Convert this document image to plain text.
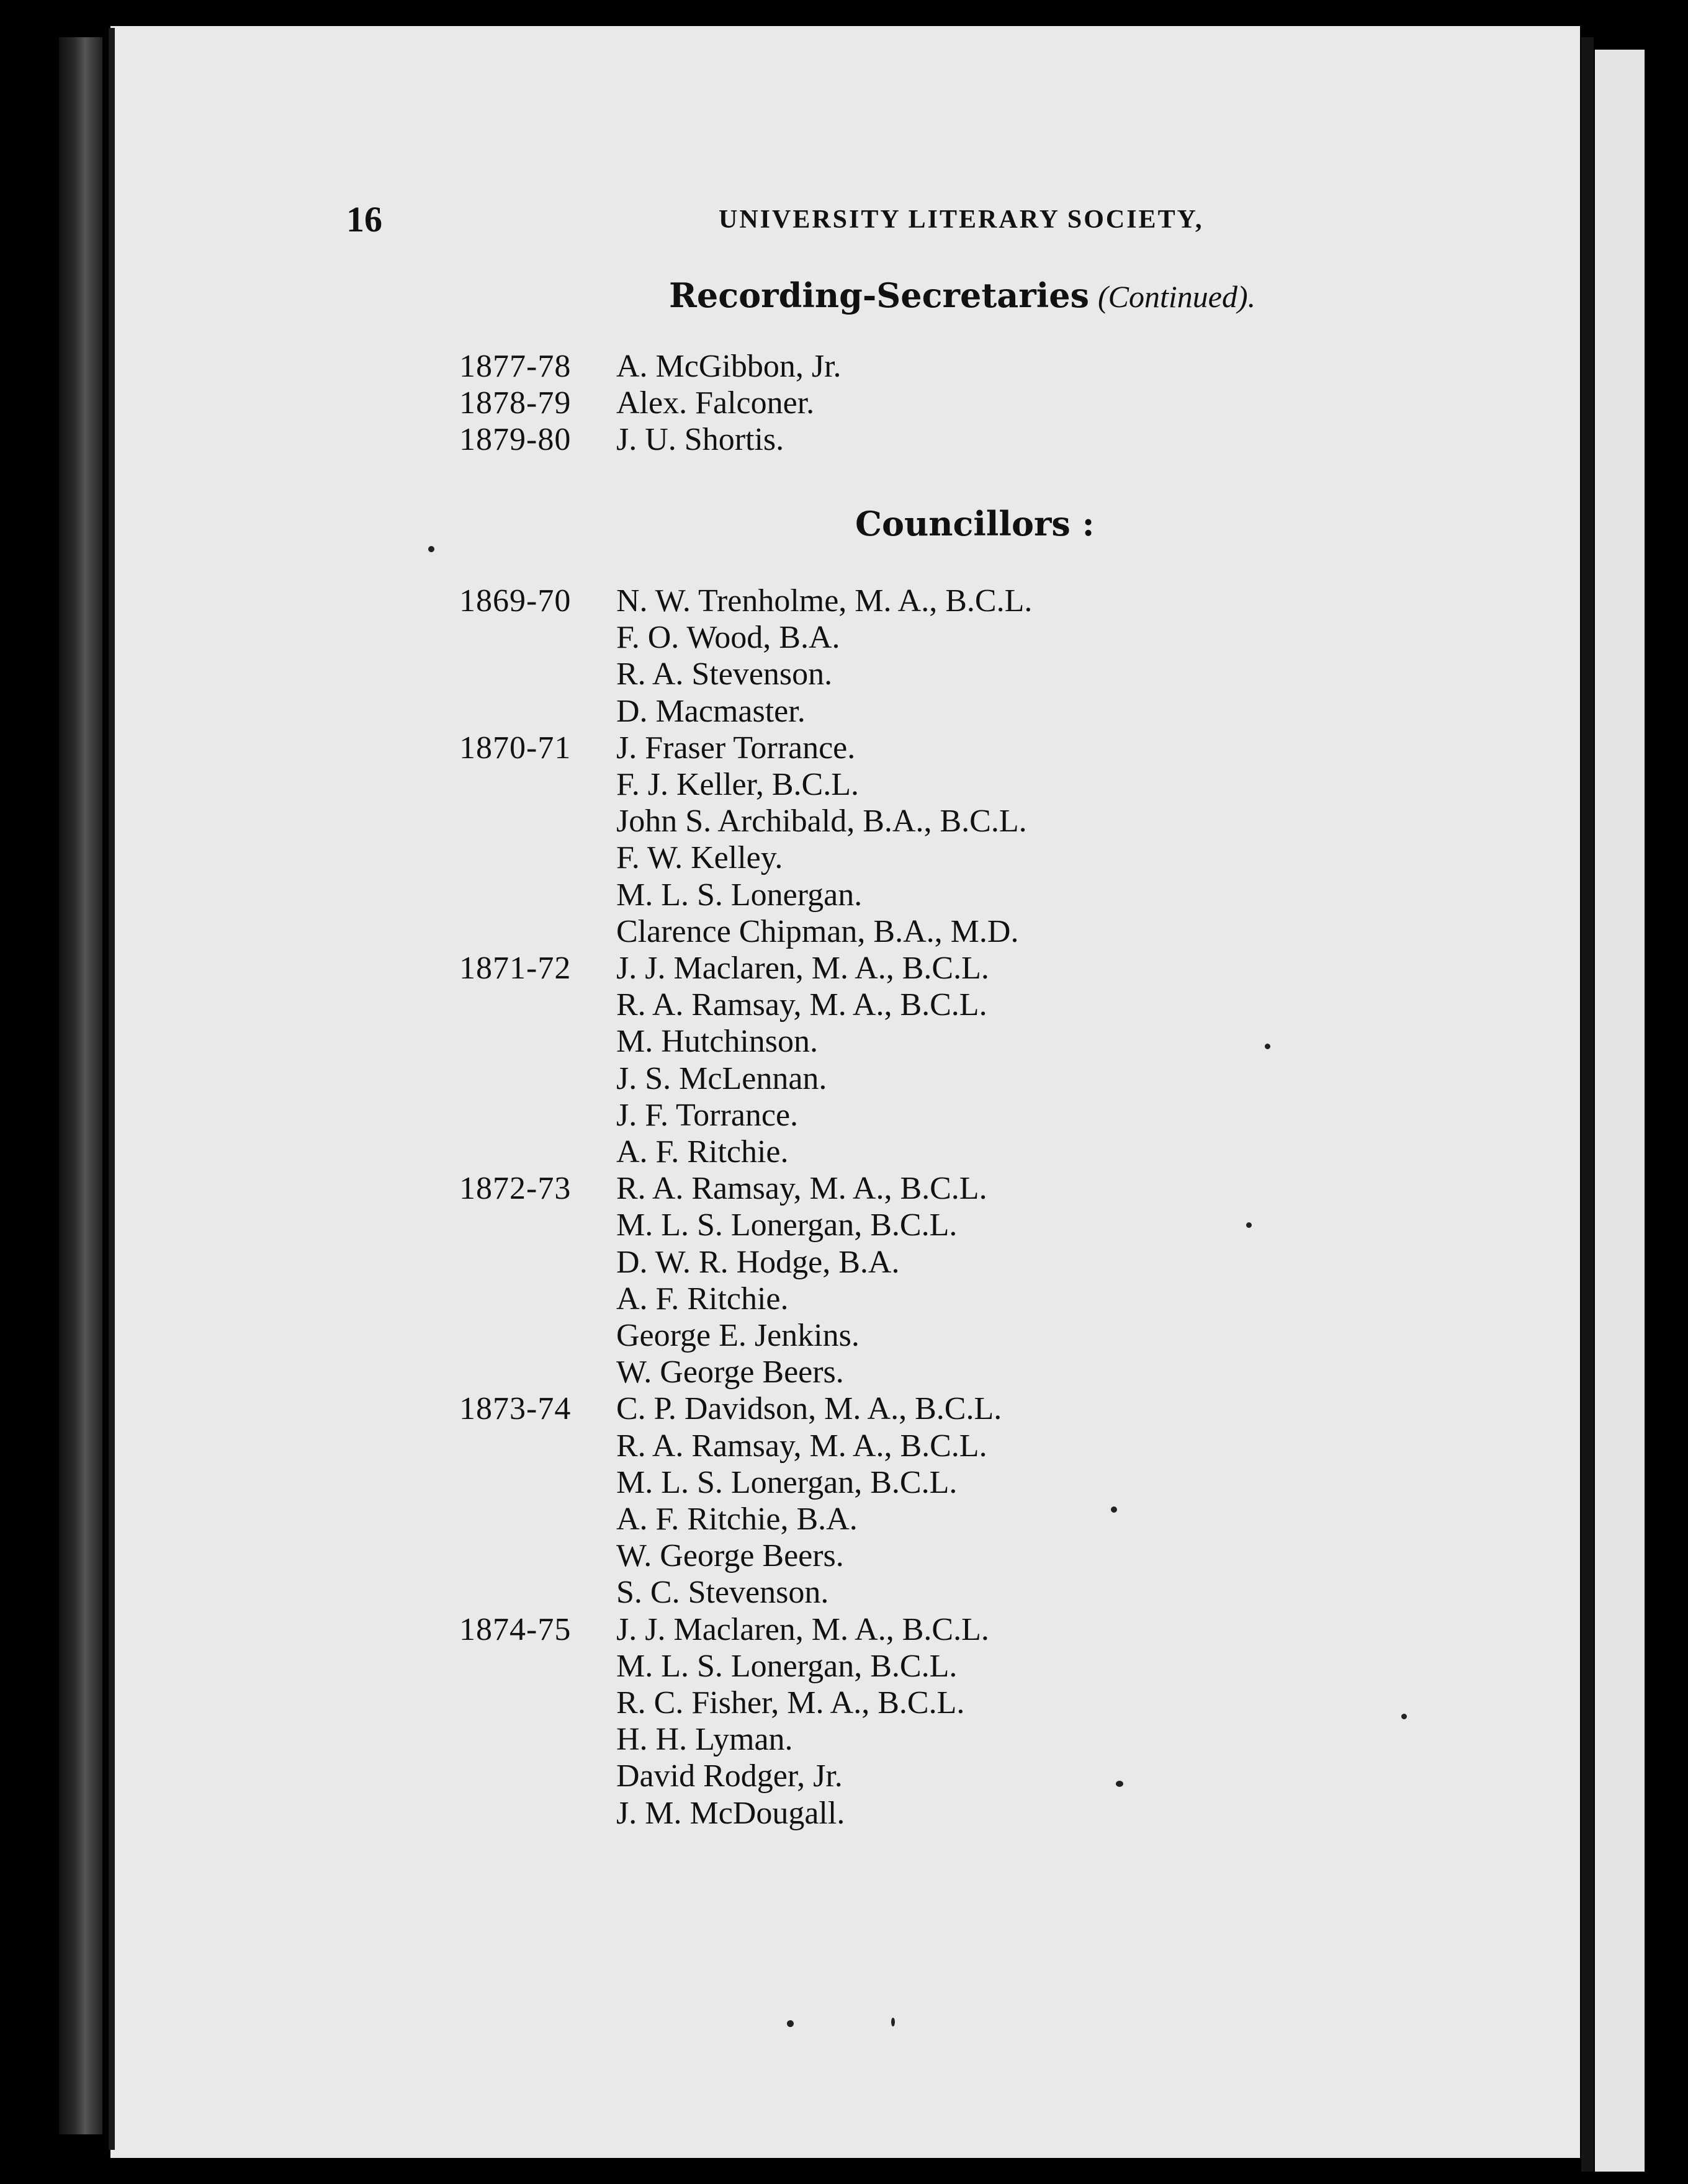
16	UNIVERSITY LITERARY SOCIETY,
Recording-Secretaries (Continued).
Councillors :
1877-78	A. McGibbon, Jr.
1878-79	Alex. Falconer.
1879-80	J. U. Shortis.
1869-70	N. W. Trenholme, M. A., B.C.L.
F. O. Wood, B.A.
R. A. Stevenson.
D. Macmaster.
1870-71	J. Fraser Torrance.
F. J. Keller, B.C.L.
John S. Archibald, B.A., B.C.L.
F. W. Kelley.
M. L. S. Lonergan.
Clarence Chipman, B.A., M.D.
1871-72	J. J. Maclaren, M. A., B.C.L.
R. A. Ramsay, M. A., B.C.L.
M. Hutchinson.
J. S. McLennan.
J. F. Torrance.
A. F. Ritchie.
1872-73	R. A. Ramsay, M. A., B.C.L.
M. L. S. Lonergan, B.C.L.
D. W. R. Hodge, B.A.
A. F. Ritchie.
George E. Jenkins.
W. George Beers.
1873-74	C. P. Davidson, M. A., B.C.L.
R. A. Ramsay, M. A., B.C.L.
M. L. S. Lonergan, B.C.L.
A. F. Ritchie, B.A.
W. George Beers.
S. C. Stevenson.
1874-75	J. J. Maclaren, M. A., B.C.L.
M. L. S. Lonergan, B.C.L.
R. C. Fisher, M. A., B.C.L.
H. H. Lyman.
David Rodger, Jr.
J. M. McDougall.
